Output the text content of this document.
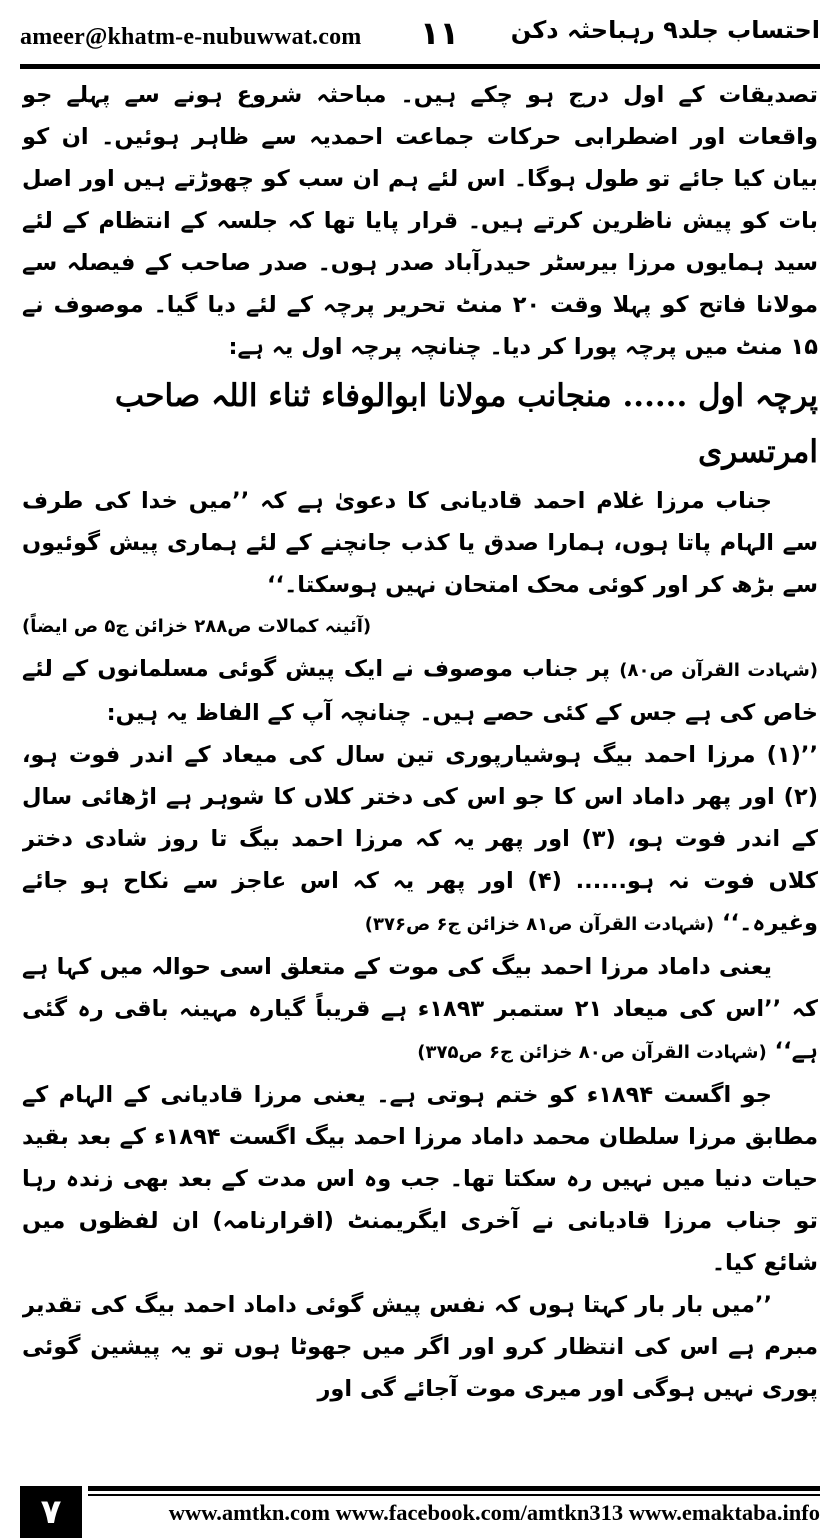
ameer@khatm-e-nubuwwat.com ۱۱ احتساب جلد۹ رہباحثہ دکن

تصدیقات کے اول درج ہو چکے ہیں۔ مباحثہ شروع ہونے سے پہلے جو واقعات اور اضطرابی حرکات جماعت احمدیہ سے ظاہر ہوئیں۔ ان کو بیان کیا جائے تو طول ہوگا۔ اس لئے ہم ان سب کو چھوڑتے ہیں اور اصل بات کو پیش ناظرین کرتے ہیں۔ قرار پایا تھا کہ جلسہ کے انتظام کے لئے سید ہمایوں مرزا بیرسٹر حیدرآباد صدر ہوں۔ صدر صاحب کے فیصلہ سے مولانا فاتح کو پہلا وقت ۲۰ منٹ تحریر پرچہ کے لئے دیا گیا۔ موصوف نے ۱۵ منٹ میں پرچہ پورا کر دیا۔ چنانچہ پرچہ اول یہ ہے:

پرچہ اول ...... منجانب مولانا ابوالوفاء ثناء اللہ صاحب امرتسری

جناب مرزا غلام احمد قادیانی کا دعویٰ ہے کہ ’’میں خدا کی طرف سے الہام پاتا ہوں، ہمارا صدق یا کذب جانچنے کے لئے ہماری پیش گوئیوں سے بڑھ کر اور کوئی محک امتحان نہیں ہوسکتا۔‘‘

(آئینہ کمالات ص۲۸۸ خزائن ج۵ ص ایضاً)

(شہادت القرآن ص۸۰) پر جناب موصوف نے ایک پیش گوئی مسلمانوں کے لئے خاص کی ہے جس کے کئی حصے ہیں۔ چنانچہ آپ کے الفاظ یہ ہیں:

’’(۱) مرزا احمد بیگ ہوشیارپوری تین سال کی میعاد کے اندر فوت ہو، (۲) اور پھر داماد اس کا جو اس کی دختر کلاں کا شوہر ہے اڑھائی سال کے اندر فوت ہو، (۳) اور پھر یہ کہ مرزا احمد بیگ تا روز شادی دختر کلاں فوت نہ ہو...... (۴) اور پھر یہ کہ اس عاجز سے نکاح ہو جائے وغیرہ۔‘‘ (شہادت القرآن ص۸۱ خزائن ج۶ ص۳۷۶)

یعنی داماد مرزا احمد بیگ کی موت کے متعلق اسی حوالہ میں کہا ہے کہ ’’اس کی میعاد ۲۱ ستمبر ۱۸۹۳ء ہے قریباً گیارہ مہینہ باقی رہ گئی ہے‘‘ (شہادت القرآن ص۸۰ خزائن ج۶ ص۳۷۵)

جو اگست ۱۸۹۴ء کو ختم ہوتی ہے۔ یعنی مرزا قادیانی کے الہام کے مطابق مرزا سلطان محمد داماد مرزا احمد بیگ اگست ۱۸۹۴ء کے بعد بقید حیات دنیا میں نہیں رہ سکتا تھا۔ جب وہ اس مدت کے بعد بھی زندہ رہا تو جناب مرزا قادیانی نے آخری ایگریمنٹ (اقرارنامہ) ان لفظوں میں شائع کیا۔

’’میں بار بار کہتا ہوں کہ نفس پیش گوئی داماد احمد بیگ کی تقدیر مبرم ہے اس کی انتظار کرو اور اگر میں جھوٹا ہوں تو یہ پیشین گوئی پوری نہیں ہوگی اور میری موت آجائے گی اور

۷	www.amtkn.com www.facebook.com/amtkn313 www.emaktaba.info
